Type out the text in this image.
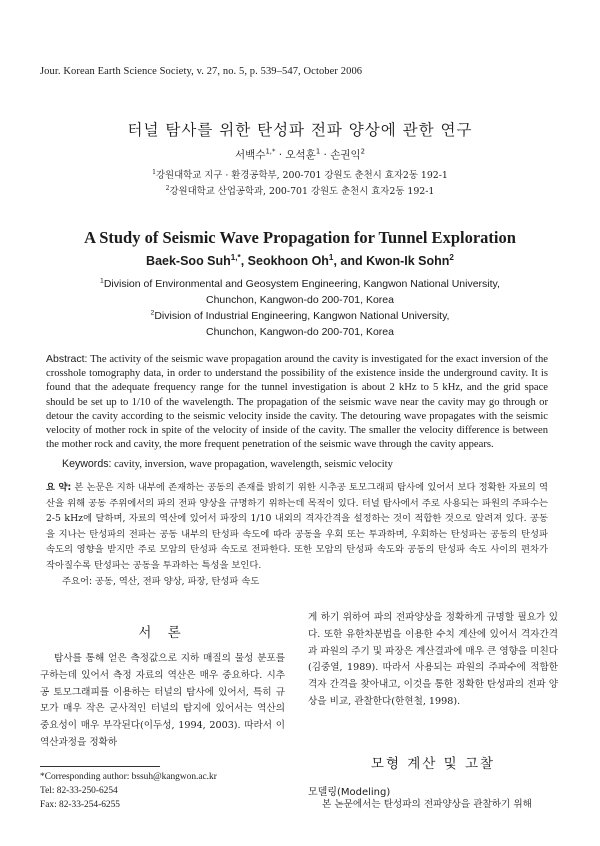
Jour. Korean Earth Science Society, v. 27, no. 5, p. 539–547, October 2006
터널 탐사를 위한 탄성파 전파 양상에 관한 연구
서백수$^{1,*}$ · 오석훈$^1$ · 손권익$^2$
$^1$강원대학교 지구 · 환경공학부, 200-701 강원도 춘천시 효자2동 192-1
$^2$강원대학교 산업공학과, 200-701 강원도 춘천시 효자2동 192-1
A Study of Seismic Wave Propagation for Tunnel Exploration
Baek-Soo Suh$^{1,*}$, Seokhoon Oh$^1$, and Kwon-Ik Sohn$^2$
$^1$Division of Environmental and Geosystem Engineering, Kangwon National University,
Chunchon, Kangwon-do 200-701, Korea
$^2$Division of Industrial Engineering, Kangwon National University,
Chunchon, Kangwon-do 200-701, Korea
Abstract: The activity of the seismic wave propagation around the cavity is investigated for the exact inversion of the crosshole tomography data, in order to understand the possibility of the existence inside the underground cavity. It is found that the adequate frequency range for the tunnel investigation is about 2 kHz to 5 kHz, and the grid space should be set up to 1/10 of the wavelength. The propagation of the seismic wave near the cavity may go through or detour the cavity according to the seismic velocity inside the cavity. The detouring wave propagates with the seismic velocity of mother rock in spite of the velocity of inside of the cavity. The smaller the velocity difference is between the mother rock and cavity, the more frequent penetration of the seismic wave through the cavity appears.
Keywords: cavity, inversion, wave propagation, wavelength, seismic velocity
요 약: 본 논문은 지하 내부에 존재하는 공동의 존재를 밝히기 위한 시추공 토모그래피 탐사에 있어서 보다 정확한 자료의 역산을 위해 공동 주위에서의 파의 전파 양상을 규명하기 위하는데 목적이 있다. 터널 탐사에서 주로 사용되는 파원의 주파수는 2-5 kHz에 달하며, 자료의 역산에 있어서 파장의 1/10 내외의 격자간격을 설정하는 것이 적합한 것으로 알려져 있다. 공동을 지나는 탄성파의 전파는 공동 내부의 탄성파 속도에 따라 공동을 우회 또는 투과하며, 우회하는 탄성파는 공동의 탄성파 속도의 영향을 받지만 주로 모암의 탄성파 속도로 전파한다. 또한 모암의 탄성파 속도와 공동의 탄성파 속도 사이의 편차가 작아질수록 탄성파는 공동을 투과하는 특성을 보인다.
주요어: 공동, 역산, 전파 양상, 파장, 탄성파 속도
서 론

탐사를 통해 얻은 측정값으로 지하 매질의 물성 분포를 구하는데 있어서 측정 자료의 역산은 매우 중요하다. 시추공 토모그래피를 이용하는 터널의 탐사에 있어서, 특히 규모가 매우 작은 군사적인 터널의 탐지에 있어서는 역산의 중요성이 매우 부각된다(이두성, 1994, 2003). 따라서 이 역산과정을 정확하

게 하기 위하여 파의 전파양상을 정확하게 규명할 필요가 있다. 또한 유한차분법을 이용한 수치 계산에 있어서 격자간격과 파원의 주기 및 파장은 계산결과에 매우 큰 영향을 미친다(김중열, 1989). 따라서 사용되는 파원의 주파수에 적합한 격자 간격을 찾아내고, 이것을 통한 정확한 탄성파의 전파 양상을 비교, 관찰한다(한현철, 1998).

모형 계산 및 고찰
모델링(Modeling)

본 논문에서는 탄성파의 전파양상을 관찰하기 위해

*Corresponding author: bssuh@kangwon.ac.kr
Tel: 82-33-250-6254
Fax: 82-33-254-6255
